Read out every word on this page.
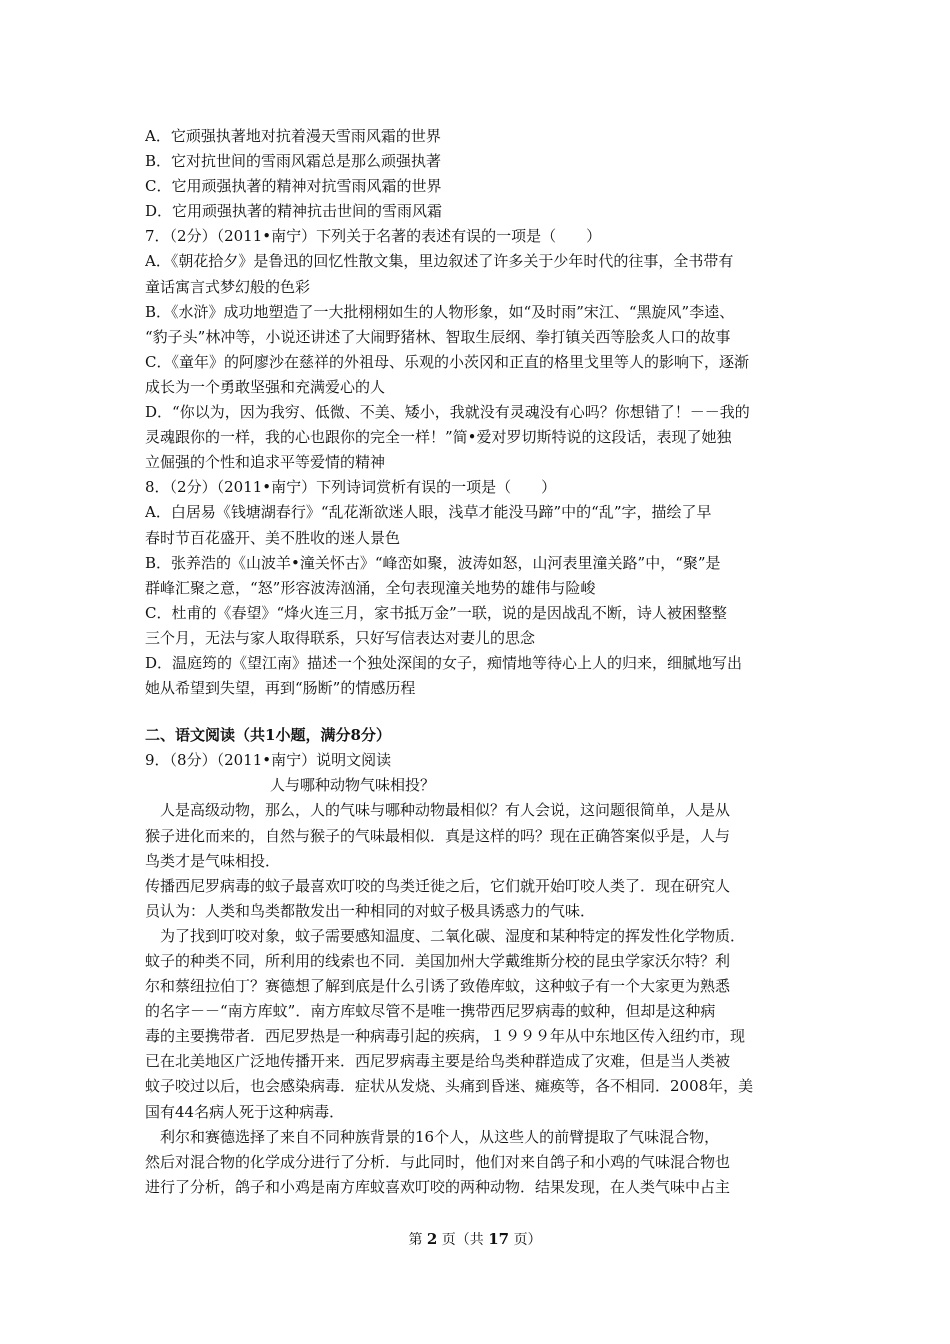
A．它顽强执著地对抗着漫天雪雨风霜的世界
B．它对抗世间的雪雨风霜总是那么顽强执著
C．它用顽强执著的精神对抗雪雨风霜的世界
D．它用顽强执著的精神抗击世间的雪雨风霜
7．（2分）（2011•南宁）下列关于名著的表述有误的一项是（　　）
A．《朝花拾夕》是鲁迅的回忆性散文集，里边叙述了许多关于少年时代的往事，全书带有
童话寓言式梦幻般的色彩
B．《水浒》成功地塑造了一大批栩栩如生的人物形象，如“及时雨”宋江、“黑旋风”李逵、
“豹子头”林冲等，小说还讲述了大闹野猪林、智取生辰纲、拳打镇关西等脍炙人口的故事
C．《童年》的阿廖沙在慈祥的外祖母、乐观的小茨冈和正直的格里戈里等人的影响下，逐渐
成长为一个勇敢坚强和充满爱心的人
D．“你以为，因为我穷、低微、不美、矮小，我就没有灵魂没有心吗？你想错了！－－我的
灵魂跟你的一样，我的心也跟你的完全一样！”简•爱对罗切斯特说的这段话，表现了她独
立倔强的个性和追求平等爱情的精神
8．（2分）（2011•南宁）下列诗词赏析有误的一项是（　　）
A．白居易《钱塘湖春行》“乱花渐欲迷人眼，浅草才能没马蹄”中的“乱”字，描绘了早
春时节百花盛开、美不胜收的迷人景色
B．张养浩的《山波羊•潼关怀古》“峰峦如聚，波涛如怒，山河表里潼关路”中，“聚”是
群峰汇聚之意，“怒”形容波涛汹涌，全句表现潼关地势的雄伟与险峻
C．杜甫的《春望》“烽火连三月，家书抵万金”一联，说的是因战乱不断，诗人被困整整
三个月，无法与家人取得联系，只好写信表达对妻儿的思念
D．温庭筠的《望江南》描述一个独处深闺的女子，痴情地等待心上人的归来，细腻地写出
她从希望到失望，再到“肠断”的情感历程
二、语文阅读（共1小题，满分8分）
9．（8分）（2011•南宁）说明文阅读
人与哪种动物气味相投？
人是高级动物，那么，人的气味与哪种动物最相似？有人会说，这问题很简单，人是从
猴子进化而来的，自然与猴子的气味最相似．真是这样的吗？现在正确答案似乎是，人与
鸟类才是气味相投．
传播西尼罗病毒的蚊子最喜欢叮咬的鸟类迁徙之后，它们就开始叮咬人类了．现在研究人
员认为：人类和鸟类都散发出一种相同的对蚊子极具诱惑力的气味．
为了找到叮咬对象，蚊子需要感知温度、二氧化碳、湿度和某种特定的挥发性化学物质．
蚊子的种类不同，所利用的线索也不同．美国加州大学戴维斯分校的昆虫学家沃尔特？利
尔和蔡纽拉伯丁？赛德想了解到底是什么引诱了致倦库蚊，这种蚊子有一个大家更为熟悉
的名字－－“南方库蚊”．南方库蚊尽管不是唯一携带西尼罗病毒的蚊种，但却是这种病
毒的主要携带者．西尼罗热是一种病毒引起的疾病，１９９９年从中东地区传入纽约市，现
已在北美地区广泛地传播开来．西尼罗病毒主要是给鸟类种群造成了灾难，但是当人类被
蚊子咬过以后，也会感染病毒．症状从发烧、头痛到昏迷、瘫痪等，各不相同．2008年，美
国有44名病人死于这种病毒．
利尔和赛德选择了来自不同种族背景的16个人，从这些人的前臂提取了气味混合物，
然后对混合物的化学成分进行了分析．与此同时，他们对来自鸽子和小鸡的气味混合物也
进行了分析，鸽子和小鸡是南方库蚊喜欢叮咬的两种动物．结果发现，在人类气味中占主
第 2 页（共 17 页）
